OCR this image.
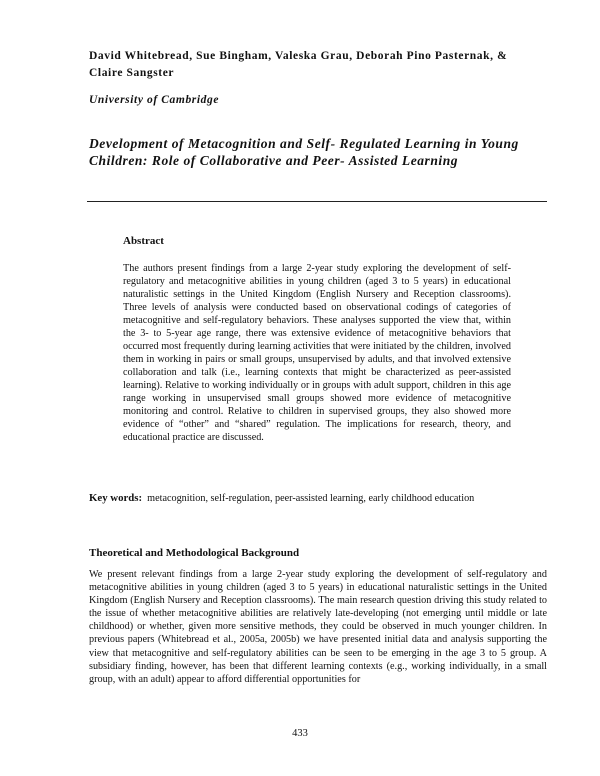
David Whitebread, Sue Bingham, Valeska Grau, Deborah Pino Pasternak, & Claire Sangster

University of Cambridge

Development of Metacognition and Self- Regulated Learning in Young Children: Role of Collaborative and Peer- Assisted Learning
Abstract

The authors present findings from a large 2-year study exploring the development of self-regulatory and metacognitive abilities in young children (aged 3 to 5 years) in educational naturalistic settings in the United Kingdom (English Nursery and Reception classrooms). Three levels of analysis were conducted based on observational codings of categories of metacognitive and self-regulatory behaviors. These analyses supported the view that, within the 3- to 5-year age range, there was extensive evidence of metacognitive behaviors that occurred most frequently during learning activities that were initiated by the children, involved them in working in pairs or small groups, unsupervised by adults, and that involved extensive collaboration and talk (i.e., learning contexts that might be characterized as peer-assisted learning). Relative to working individually or in groups with adult support, children in this age range working in unsupervised small groups showed more evidence of metacognitive monitoring and control. Relative to children in supervised groups, they also showed more evidence of “other” and “shared” regulation. The implications for research, theory, and educational practice are discussed.

Key words: metacognition, self-regulation, peer-assisted learning, early childhood education

Theoretical and Methodological Background

We present relevant findings from a large 2-year study exploring the development of self-regulatory and metacognitive abilities in young children (aged 3 to 5 years) in educational naturalistic settings in the United Kingdom (English Nursery and Reception classrooms). The main research question driving this study related to the issue of whether metacognitive abilities are relatively late-developing (not emerging until middle or late childhood) or whether, given more sensitive methods, they could be observed in much younger children. In previous papers (Whitebread et al., 2005a, 2005b) we have presented initial data and analysis supporting the view that metacognitive and self-regulatory abilities can be seen to be emerging in the age 3 to 5 group. A subsidiary finding, however, has been that different learning contexts (e.g., working individually, in a small group, with an adult) appear to afford differential opportunities for

433
